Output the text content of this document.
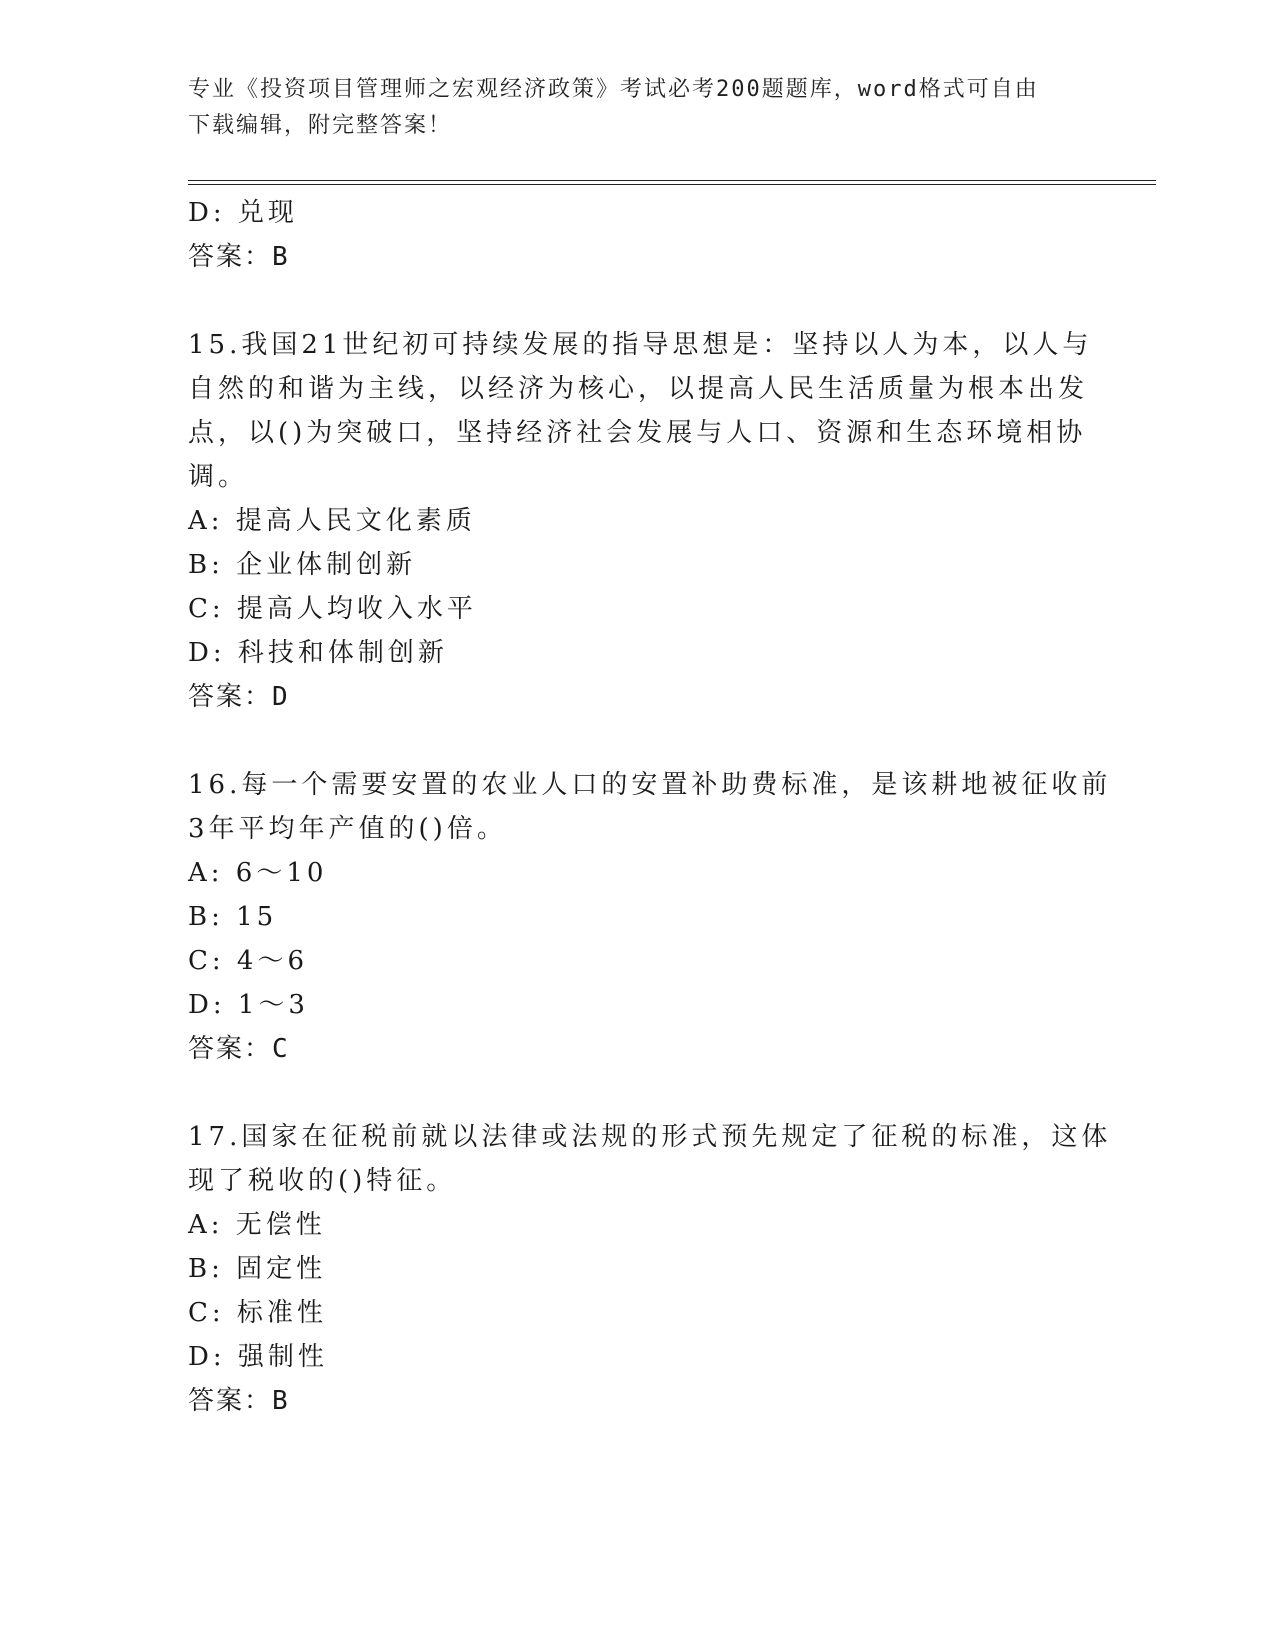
专业《投资项目管理师之宏观经济政策》考试必考200题题库，word格式可自由
下载编辑，附完整答案！
D: 兑现
答案：B
15.我国21世纪初可持续发展的指导思想是：坚持以人为本，以人与
自然的和谐为主线，以经济为核心，以提高人民生活质量为根本出发
点，以()为突破口，坚持经济社会发展与人口、资源和生态环境相协
调。
A: 提高人民文化素质
B: 企业体制创新
C: 提高人均收入水平
D: 科技和体制创新
答案：D
16.每一个需要安置的农业人口的安置补助费标准，是该耕地被征收前
3年平均年产值的()倍。
A: 6～10
B: 15
C: 4～6
D: 1～3
答案：C
17.国家在征税前就以法律或法规的形式预先规定了征税的标准，这体
现了税收的()特征。
A: 无偿性
B: 固定性
C: 标准性
D: 强制性
答案：B
